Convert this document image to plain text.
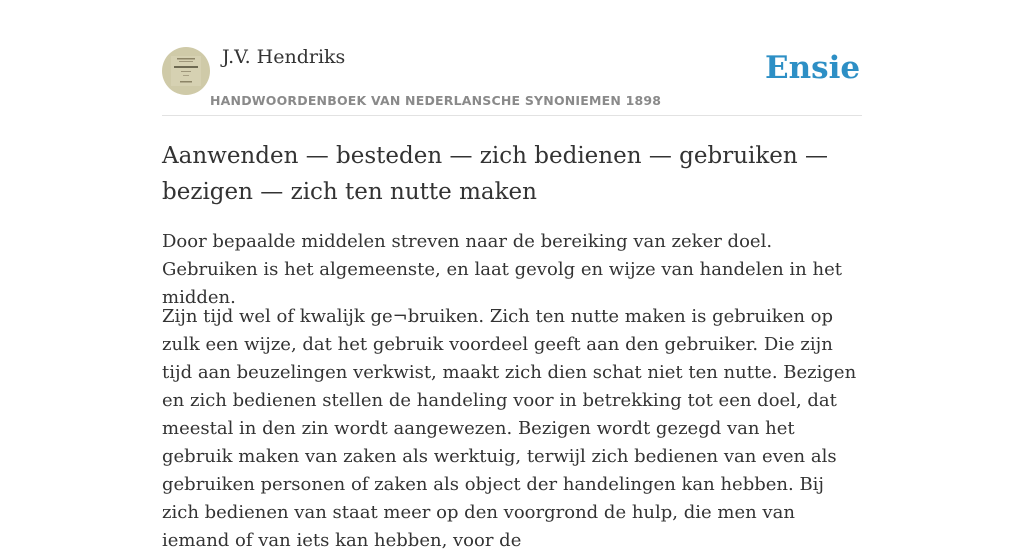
J.V. Hendriks
HANDWOORDENBOEK VAN NEDERLANSCHE SYNONIEMEN 1898
Ensie
Aanwenden — besteden — zich bedienen — gebruiken — bezigen — zich ten nutte maken

Door bepaalde middelen streven naar de bereiking van zeker doel. Gebruiken is het algemeenste, en laat gevolg en wijze van handelen in het midden.

Zijn tijd wel of kwalijk ge¬bruiken. Zich ten nutte maken is gebruiken op zulk een wijze, dat het gebruik voordeel geeft aan den gebruiker. Die zijn tijd aan beuzelingen verkwist, maakt zich dien schat niet ten nutte. Bezigen en zich bedienen stellen de handeling voor in betrekking tot een doel, dat meestal in den zin wordt aangewezen. Bezigen wordt gezegd van het gebruik maken van zaken als werktuig, terwijl zich bedienen van even als gebruiken personen of zaken als object der handelingen kan hebben. Bij zich bedienen van staat meer op den voorgrond de hulp, die men van iemand of van iets kan hebben, voor de
